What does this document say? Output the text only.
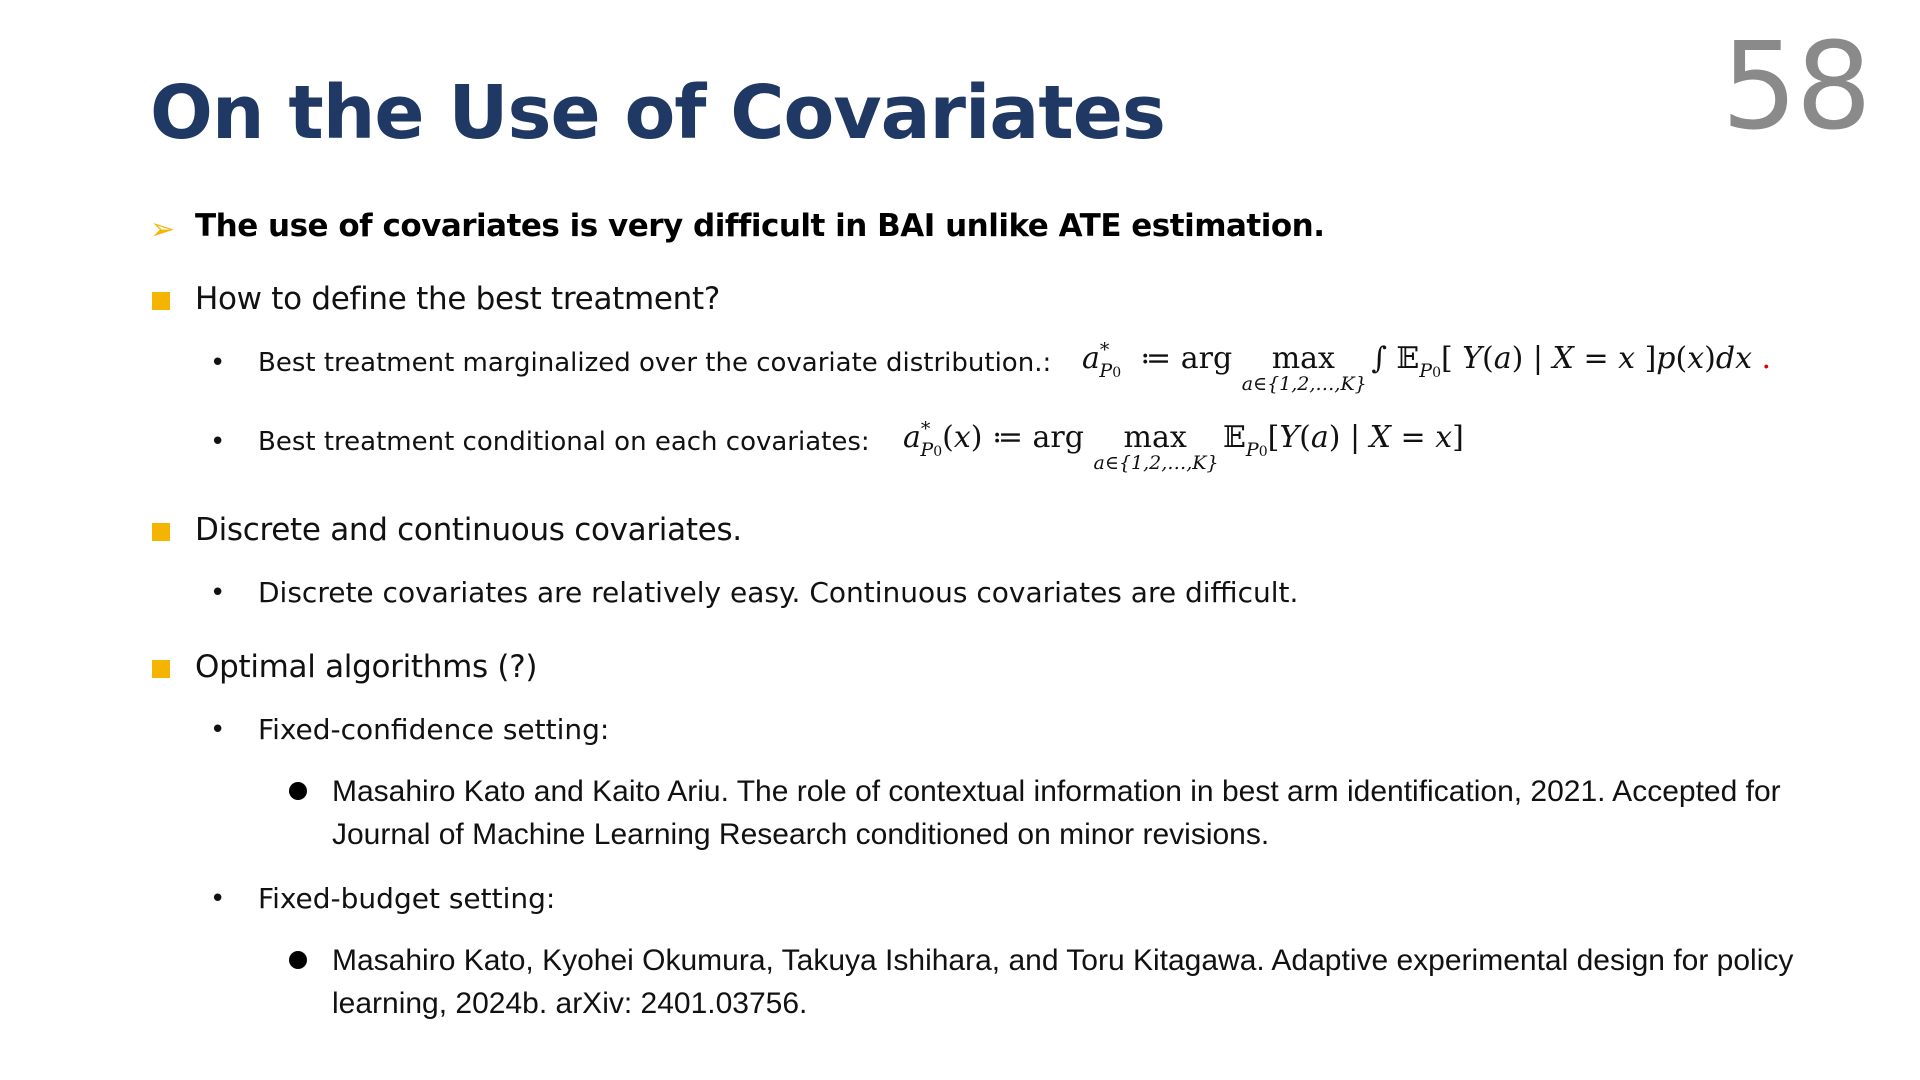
58
On the Use of Covariates
➢ The use of covariates is very difficult in BAI unlike ATE estimation.
How to define the best treatment?
• Best treatment marginalized over the covariate distribution.: $a^*_{P0}$  ≔ arg max
a∈{1,2,…,K}
∫ 𝔼$_{P0}$[ Y(a) | X = x ]p(x)dx .
• Best treatment conditional on each covariates: $a^*_{P0}(x)$ ≔ arg max
a∈{1,2,…,K}
𝔼$_{P0}$[Y(a) | X = x]
Discrete and continuous covariates.
• Discrete covariates are relatively easy. Continuous covariates are difficult.
Optimal algorithms (?)
• Fixed-confidence setting:
Masahiro Kato and Kaito Ariu. The role of contextual information in best arm identification, 2021. Accepted for Journal of Machine Learning Research conditioned on minor revisions.
• Fixed-budget setting:
Masahiro Kato, Kyohei Okumura, Takuya Ishihara, and Toru Kitagawa. Adaptive experimental design for policy learning, 2024b. arXiv: 2401.03756.
